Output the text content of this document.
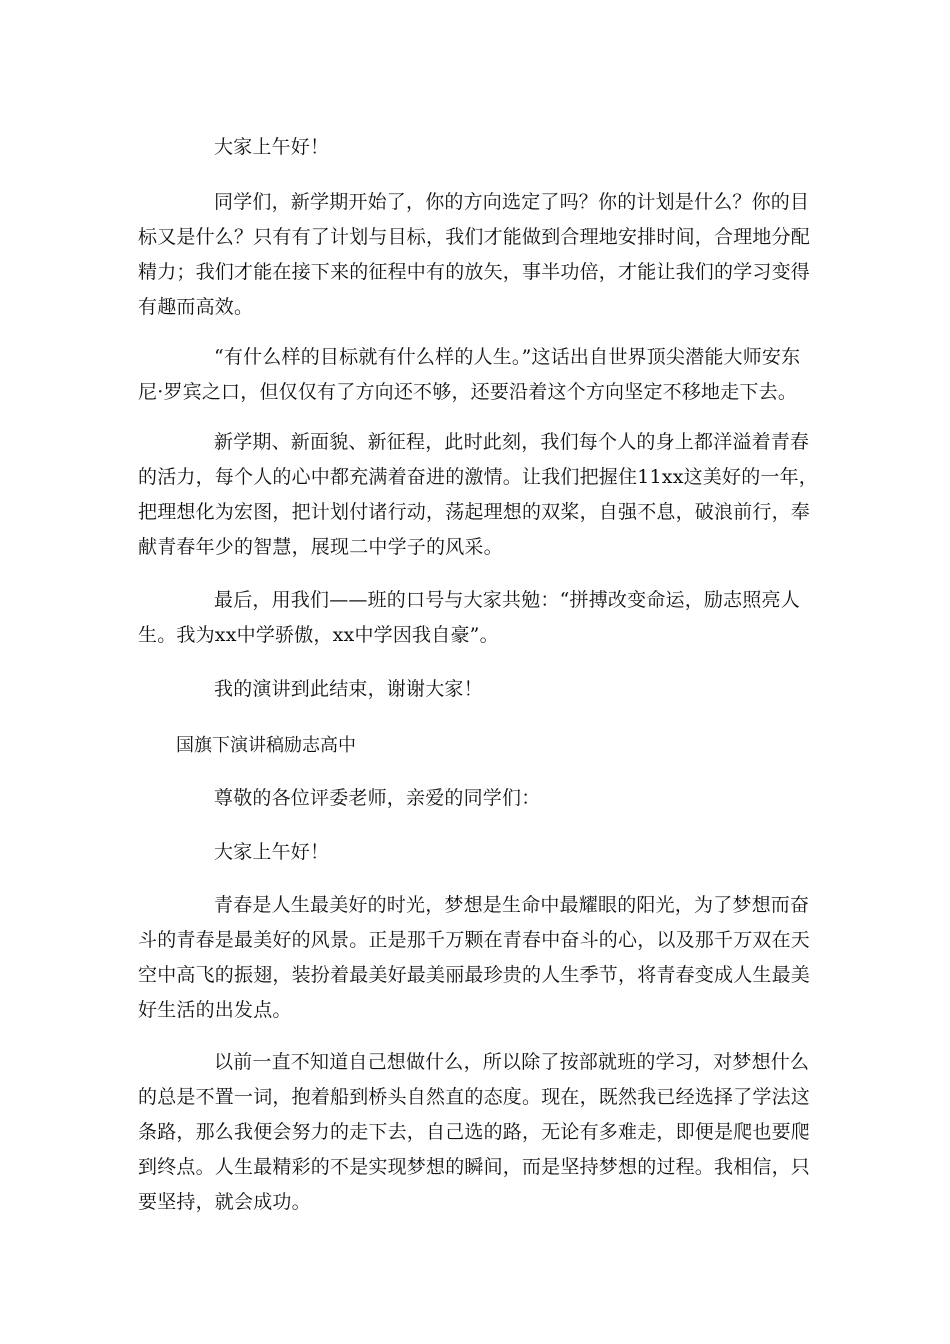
大家上午好！

同学们，新学期开始了，你的方向选定了吗？你的计划是什么？你的目标又是什么？只有有了计划与目标，我们才能做到合理地安排时间，合理地分配精力；我们才能在接下来的征程中有的放矢，事半功倍，才能让我们的学习变得有趣而高效。

“有什么样的目标就有什么样的人生。”这话出自世界顶尖潜能大师安东尼·罗宾之口，但仅仅有了方向还不够，还要沿着这个方向坚定不移地走下去。

新学期、新面貌、新征程，此时此刻，我们每个人的身上都洋溢着青春的活力，每个人的心中都充满着奋进的激情。让我们把握住11xx这美好的一年，把理想化为宏图，把计划付诸行动，荡起理想的双桨，自强不息，破浪前行，奉献青春年少的智慧，展现二中学子的风采。

最后，用我们——班的口号与大家共勉：“拼搏改变命运，励志照亮人生。我为xx中学骄傲，xx中学因我自豪”。

我的演讲到此结束，谢谢大家！

国旗下演讲稿励志高中

尊敬的各位评委老师，亲爱的同学们：

大家上午好！

青春是人生最美好的时光，梦想是生命中最耀眼的阳光，为了梦想而奋斗的青春是最美好的风景。正是那千万颗在青春中奋斗的心，以及那千万双在天空中高飞的振翅，装扮着最美好最美丽最珍贵的人生季节，将青春变成人生最美好生活的出发点。

以前一直不知道自己想做什么，所以除了按部就班的学习，对梦想什么的总是不置一词，抱着船到桥头自然直的态度。现在，既然我已经选择了学法这条路，那么我便会努力的走下去，自己选的路，无论有多难走，即便是爬也要爬到终点。人生最精彩的不是实现梦想的瞬间，而是坚持梦想的过程。我相信，只要坚持，就会成功。
